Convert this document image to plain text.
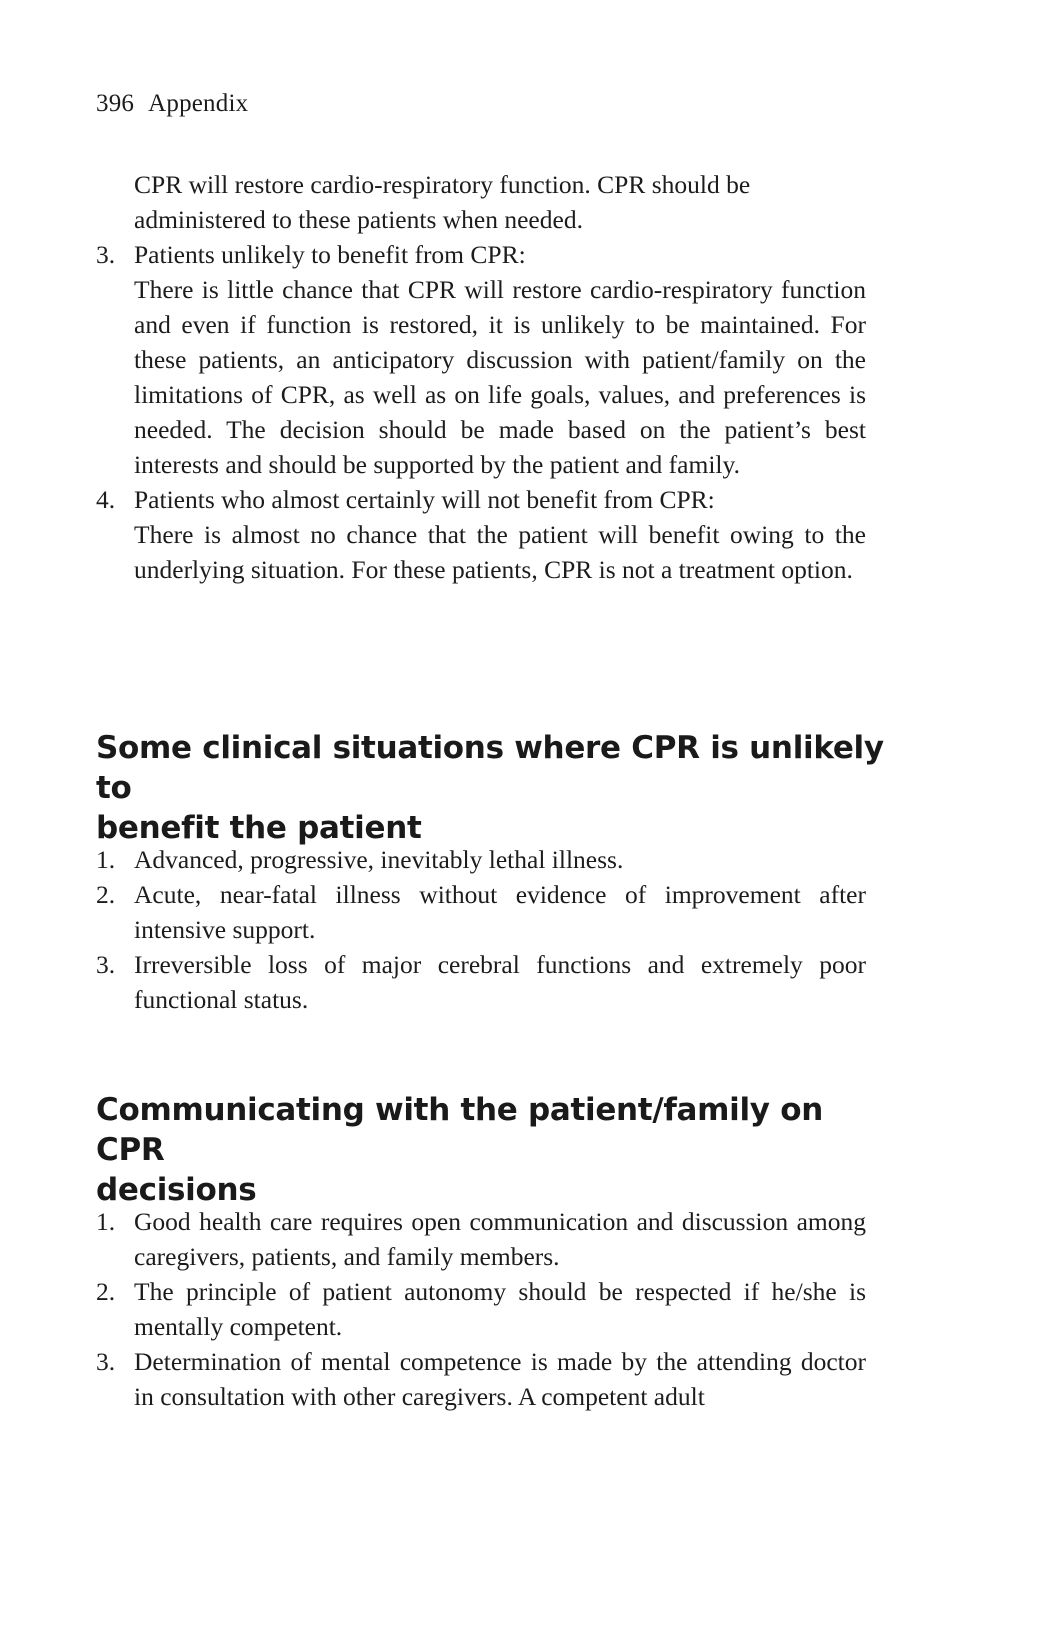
396 Appendix

CPR will restore cardio-respiratory function. CPR should be
administered to these patients when needed.

3. Patients unlikely to benefit from CPR:
There is little chance that CPR will restore cardio-respiratory function and even if function is restored, it is unlikely to be maintained. For these patients, an anticipatory discussion with patient/family on the limitations of CPR, as well as on life goals, values, and preferences is needed. The decision should be made based on the patient’s best interests and should be supported by the patient and family.
4. Patients who almost certainly will not benefit from CPR:
There is almost no chance that the patient will benefit owing to the underlying situation. For these patients, CPR is not a treatment option.
Some clinical situations where CPR is unlikely to
benefit the patient
1. Advanced, progressive, inevitably lethal illness.
2. Acute, near-fatal illness without evidence of improvement after intensive support.
3. Irreversible loss of major cerebral functions and extremely poor functional status.
Communicating with the patient/family on CPR
decisions
1. Good health care requires open communication and discussion among caregivers, patients, and family members.
2. The principle of patient autonomy should be respected if he/she is mentally competent.
3. Determination of mental competence is made by the attending doctor in consultation with other caregivers. A competent adult
